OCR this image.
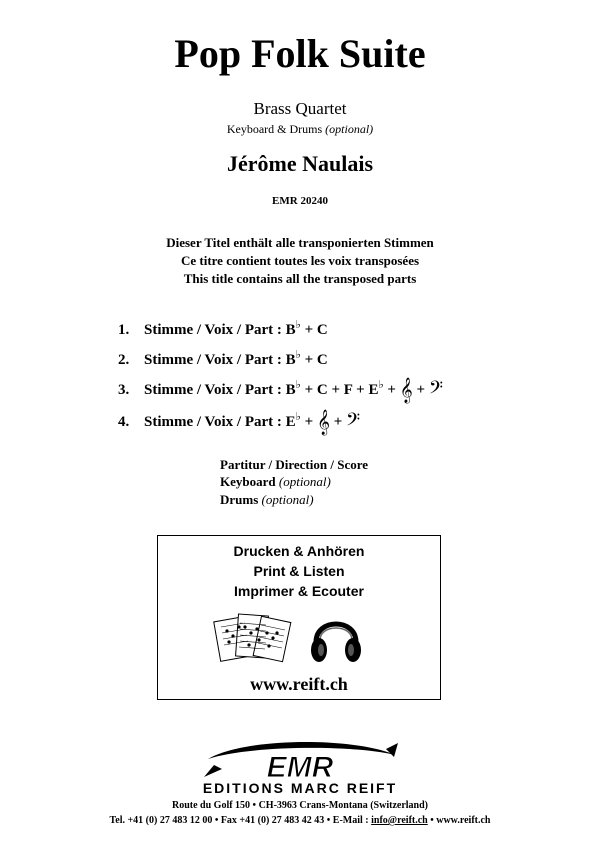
Pop Folk Suite
Brass Quartet
Keyboard & Drums (optional)
Jérôme Naulais
EMR 20240
Dieser Titel enthält alle transponierten Stimmen
Ce titre contient toutes les voix transposées
This title contains all the transposed parts
1. Stimme / Voix / Part : B♭ + C
2. Stimme / Voix / Part : B♭ + C
3. Stimme / Voix / Part : B♭ + C + F + E♭ + 𝄞 + 𝄢
4. Stimme / Voix / Part : E♭ + 𝄞 + 𝄢
Partitur / Direction / Score
Keyboard (optional)
Drums (optional)
Drucken & Anhören
Print & Listen
Imprimer & Ecouter
www.reift.ch
EMR
EDITIONS MARC REIFT
Route du Golf 150 • CH-3963 Crans-Montana (Switzerland)
Tel. +41 (0) 27 483 12 00 • Fax +41 (0) 27 483 42 43 • E-Mail : info@reift.ch • www.reift.ch
